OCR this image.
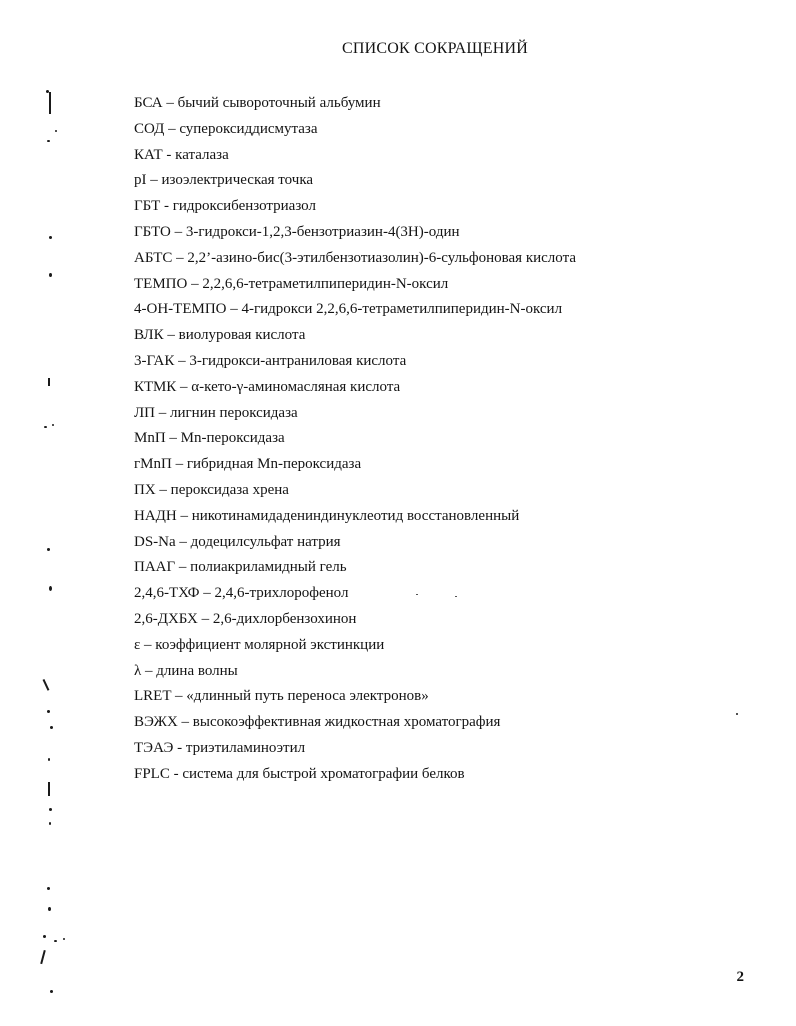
СПИСОК СОКРАЩЕНИЙ
БСА – бычий сывороточный альбумин
СОД – супероксиддисмутаза
КАТ - каталаза
pI – изоэлектрическая точка
ГБТ - гидроксибензотриазол
ГБТО – 3-гидрокси-1,2,3-бензотриазин-4(3H)-один
АБТС – 2,2’-азино-бис(3-этилбензотиазолин)-6-сульфоновая кислота
ТЕМПО – 2,2,6,6-тетраметилпиперидин-N-оксил
4-OH-ТЕМПО – 4-гидрокси 2,2,6,6-тетраметилпиперидин-N-оксил
ВЛК – виолуровая кислота
3-ГАК – 3-гидрокси-антраниловая кислота
КТМК – α-кето-γ-аминомасляная кислота
ЛП – лигнин пероксидаза
MnП – Mn-пероксидаза
гMnП – гибридная Mn-пероксидаза
ПХ – пероксидаза хрена
НАДН – никотинамидадениндинуклеотид восстановленный
DS-Na – додецилсульфат натрия
ПААГ – полиакриламидный гель
2,4,6-ТХФ – 2,4,6-трихлорофенол
2,6-ДХБХ – 2,6-дихлорбензохинон
ε – коэффициент молярной экстинкции
λ – длина волны
LRET – «длинный путь переноса электронов»
ВЭЖХ – высокоэффективная жидкостная хроматография
ТЭАЭ - триэтиламиноэтил
FPLC - система для быстрой хроматографии белков
2
